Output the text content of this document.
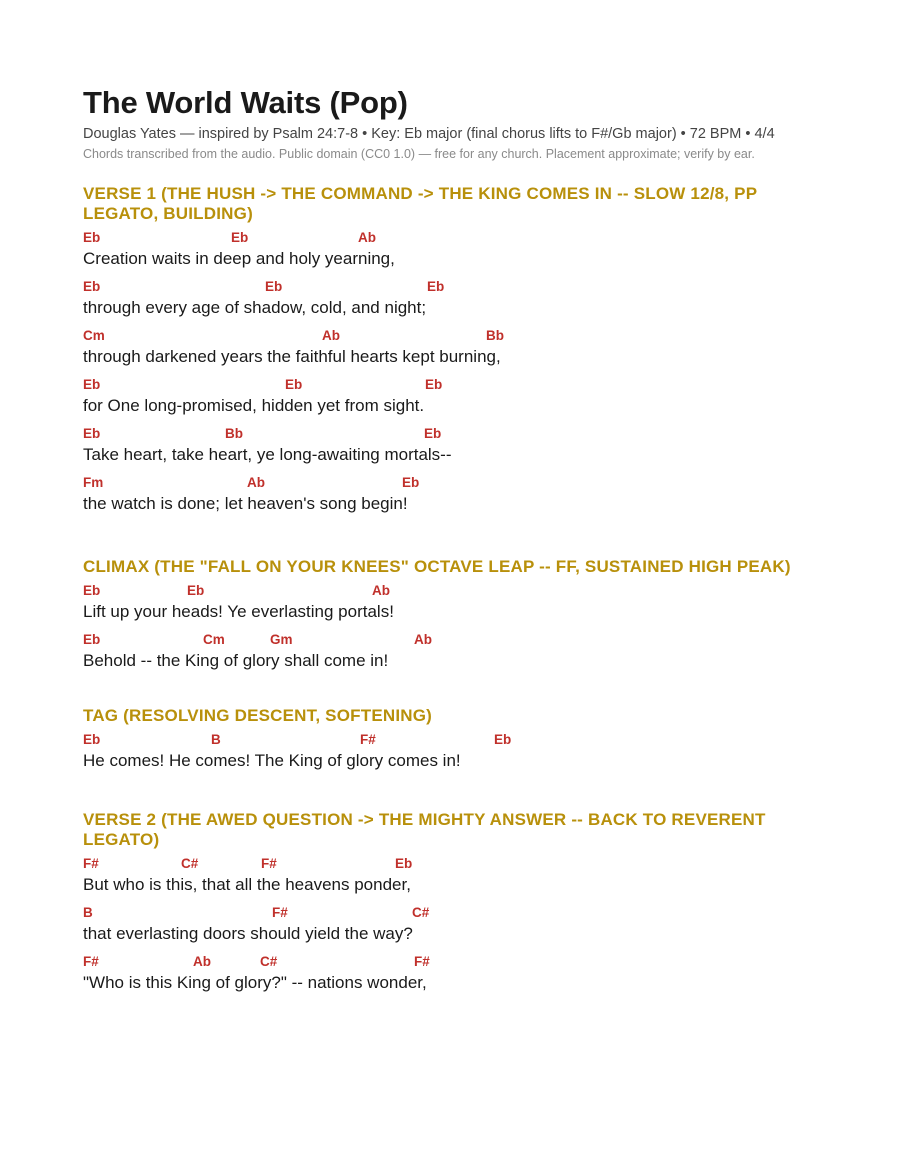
The World Waits (Pop)

Douglas Yates — inspired by Psalm 24:7-8 • Key: Eb major (final chorus lifts to F#/Gb major) • 72 BPM • 4/4

Chords transcribed from the audio. Public domain (CC0 1.0) — free for any church. Placement approximate; verify by ear.

VERSE 1 (THE HUSH -> THE COMMAND -> THE KING COMES IN -- SLOW 12/8, PP LEGATO, BUILDING)
Eb	Eb	Ab
Creation waits in deep and holy yearning,
Eb	Eb	Eb
through every age of shadow, cold, and night;
Cm	Ab	Bb
through darkened years the faithful hearts kept burning,
Eb	Eb	Eb
for One long-promised, hidden yet from sight.
Eb	Bb	Eb
Take heart, take heart, ye long-awaiting mortals--
Fm	Ab	Eb
the watch is done; let heaven's song begin!
CLIMAX (THE "FALL ON YOUR KNEES" OCTAVE LEAP -- FF, SUSTAINED HIGH PEAK)
Eb	Eb	Ab
Lift up your heads! Ye everlasting portals!
Eb	Cm	Gm	Ab
Behold -- the King of glory shall come in!
TAG (RESOLVING DESCENT, SOFTENING)
Eb	B	F#	Eb
He comes! He comes! The King of glory comes in!
VERSE 2 (THE AWED QUESTION -> THE MIGHTY ANSWER -- BACK TO REVERENT LEGATO)
F#	C#	F#	Eb
But who is this, that all the heavens ponder,
B	F#	C#
that everlasting doors should yield the way?
F#	Ab	C#	F#
"Who is this King of glory?" -- nations wonder,
